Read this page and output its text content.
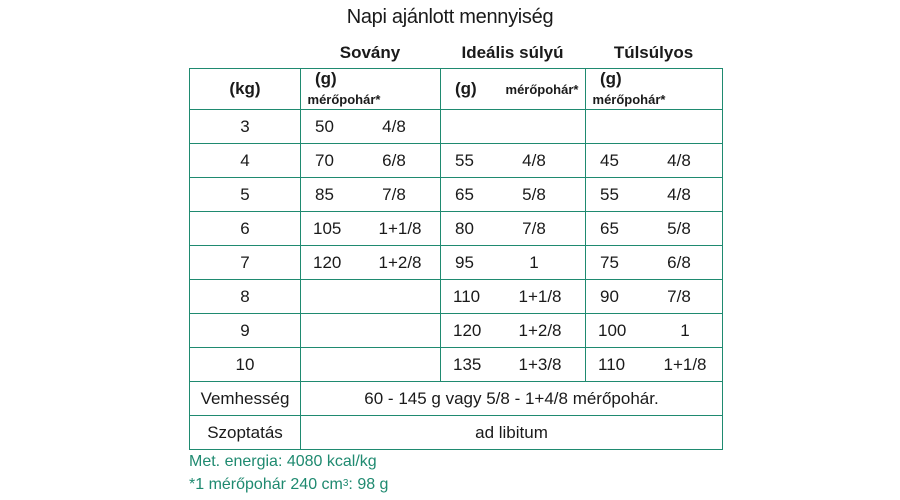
Napi ajánlott mennyiség
Sovány	Ideális súlyú	Túlsúlyos
(kg)	(g)mérőpohár*	(g) mérőpohár*	(g)mérőpohár*
3	50 4/8		
4	70 6/8	55 4/8	45 4/8
5	85 7/8	65 5/8	55 4/8
6	105 1+1/8	80 7/8	65 5/8
7	120 1+2/8	95 1	75 6/8
8		110 1+1/8	90 7/8
9		120 1+2/8	100 1
10		135 1+3/8	110 1+1/8
Vemhesség	60 - 145 g vagy 5/8 - 1+4/8 mérőpohár.		
Szoptatás	ad libitum		
Met. energia: 4080 kcal/kg
*1 mérőpohár 240 $cm^3$: 98 g
